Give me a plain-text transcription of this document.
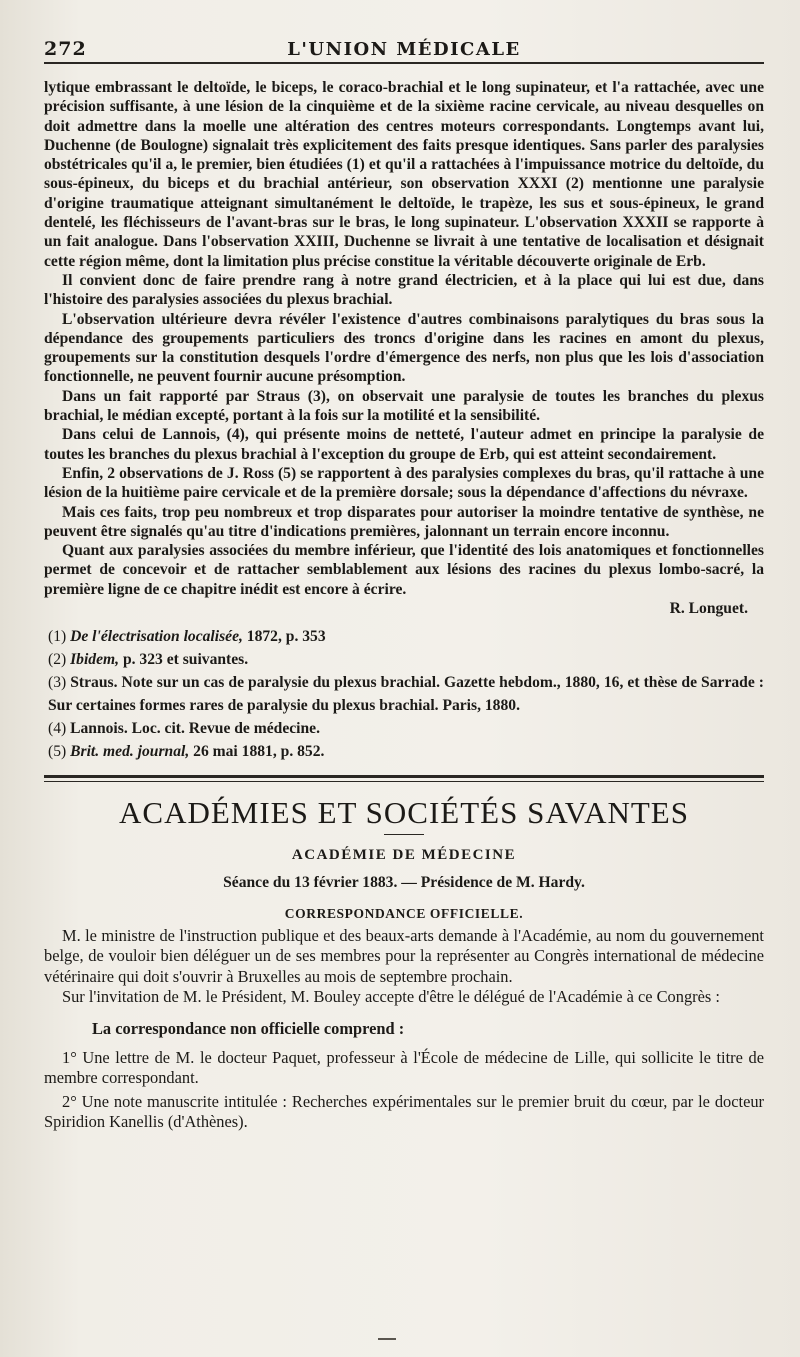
272	L'UNION MÉDICALE

lytique embrassant le deltoïde, le biceps, le coraco-brachial et le long supinateur, et l'a rattachée, avec une précision suffisante, à une lésion de la cinquième et de la sixième racine cervicale, au niveau desquelles on doit admettre dans la moelle une altération des centres moteurs correspondants. Longtemps avant lui, Duchenne (de Boulogne) signalait très explicitement des faits presque identiques. Sans parler des paralysies obstétricales qu'il a, le premier, bien étudiées (1) et qu'il a rattachées à l'impuissance motrice du deltoïde, du sous-épineux, du biceps et du brachial antérieur, son observation XXXI (2) mentionne une paralysie d'origine traumatique atteignant simultanément le deltoïde, le trapèze, les sus et sous-épineux, le grand dentelé, les fléchisseurs de l'avant-bras sur le bras, le long supinateur. L'observation XXXII se rapporte à un fait analogue. Dans l'observation XXIII, Duchenne se livrait à une tentative de localisation et désignait cette région même, dont la limitation plus précise constitue la véritable découverte originale de Erb.

Il convient donc de faire prendre rang à notre grand électricien, et à la place qui lui est due, dans l'histoire des paralysies associées du plexus brachial.

L'observation ultérieure devra révéler l'existence d'autres combinaisons paralytiques du bras sous la dépendance des groupements particuliers des troncs d'origine dans les racines en amont du plexus, groupements sur la constitution desquels l'ordre d'émergence des nerfs, non plus que les lois d'association fonctionnelle, ne peuvent fournir aucune présomption.

Dans un fait rapporté par Straus (3), on observait une paralysie de toutes les branches du plexus brachial, le médian excepté, portant à la fois sur la motilité et la sensibilité.

Dans celui de Lannois, (4), qui présente moins de netteté, l'auteur admet en principe la paralysie de toutes les branches du plexus brachial à l'exception du groupe de Erb, qui est atteint secondairement.

Enfin, 2 observations de J. Ross (5) se rapportent à des paralysies complexes du bras, qu'il rattache à une lésion de la huitième paire cervicale et de la première dorsale; sous la dépendance d'affections du névraxe.

Mais ces faits, trop peu nombreux et trop disparates pour autoriser la moindre tentative de synthèse, ne peuvent être signalés qu'au titre d'indications premières, jalonnant un terrain encore inconnu.

Quant aux paralysies associées du membre inférieur, que l'identité des lois anatomiques et fonctionnelles permet de concevoir et de rattacher semblablement aux lésions des racines du plexus lombo-sacré, la première ligne de ce chapitre inédit est encore à écrire.

R. Longuet.
(1) De l'électrisation localisée, 1872, p. 353
(2) Ibidem, p. 323 et suivantes.
(3) Straus. Note sur un cas de paralysie du plexus brachial. Gazette hebdom., 1880, 16, et thèse de Sarrade : Sur certaines formes rares de paralysie du plexus brachial. Paris, 1880.
(4) Lannois. Loc. cit. Revue de médecine.
(5) Brit. med. journal, 26 mai 1881, p. 852.
ACADÉMIES ET SOCIÉTÉS SAVANTES
ACADÉMIE DE MÉDECINE
Séance du 13 février 1883. — Présidence de M. Hardy.
CORRESPONDANCE OFFICIELLE.

M. le ministre de l'instruction publique et des beaux-arts demande à l'Académie, au nom du gouvernement belge, de vouloir bien déléguer un de ses membres pour la représenter au Congrès international de médecine vétérinaire qui doit s'ouvrir à Bruxelles au mois de septembre prochain.

Sur l'invitation de M. le Président, M. Bouley accepte d'être le délégué de l'Académie à ce Congrès :

La correspondance non officielle comprend :

1° Une lettre de M. le docteur Paquet, professeur à l'École de médecine de Lille, qui sollicite le titre de membre correspondant.

2° Une note manuscrite intitulée : Recherches expérimentales sur le premier bruit du cœur, par le docteur Spiridion Kanellis (d'Athènes).
